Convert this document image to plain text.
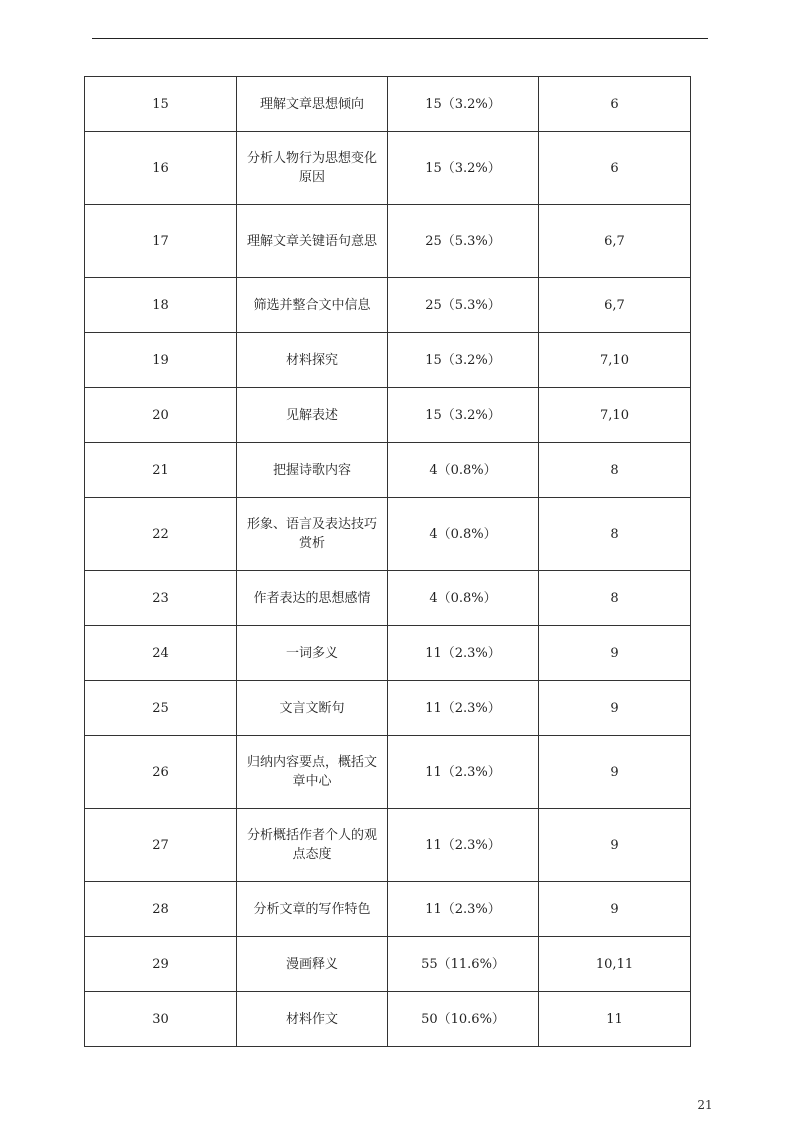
15	理解文章思想倾向	15（3.2%）	6
16	分析人物行为思想变化原因	15（3.2%）	6
17	理解文章关键语句意思	25（5.3%）	6,7
18	筛选并整合文中信息	25（5.3%）	6,7
19	材料探究	15（3.2%）	7,10
20	见解表述	15（3.2%）	7,10
21	把握诗歌内容	4（0.8%）	8
22	形象、语言及表达技巧赏析	4（0.8%）	8
23	作者表达的思想感情	4（0.8%）	8
24	一词多义	11（2.3%）	9
25	文言文断句	11（2.3%）	9
26	归纳内容要点，概括文章中心	11（2.3%）	9
27	分析概括作者个人的观点态度	11（2.3%）	9
28	分析文章的写作特色	11（2.3%）	9
29	漫画释义	55（11.6%）	10,11
30	材料作文	50（10.6%）	11
21
